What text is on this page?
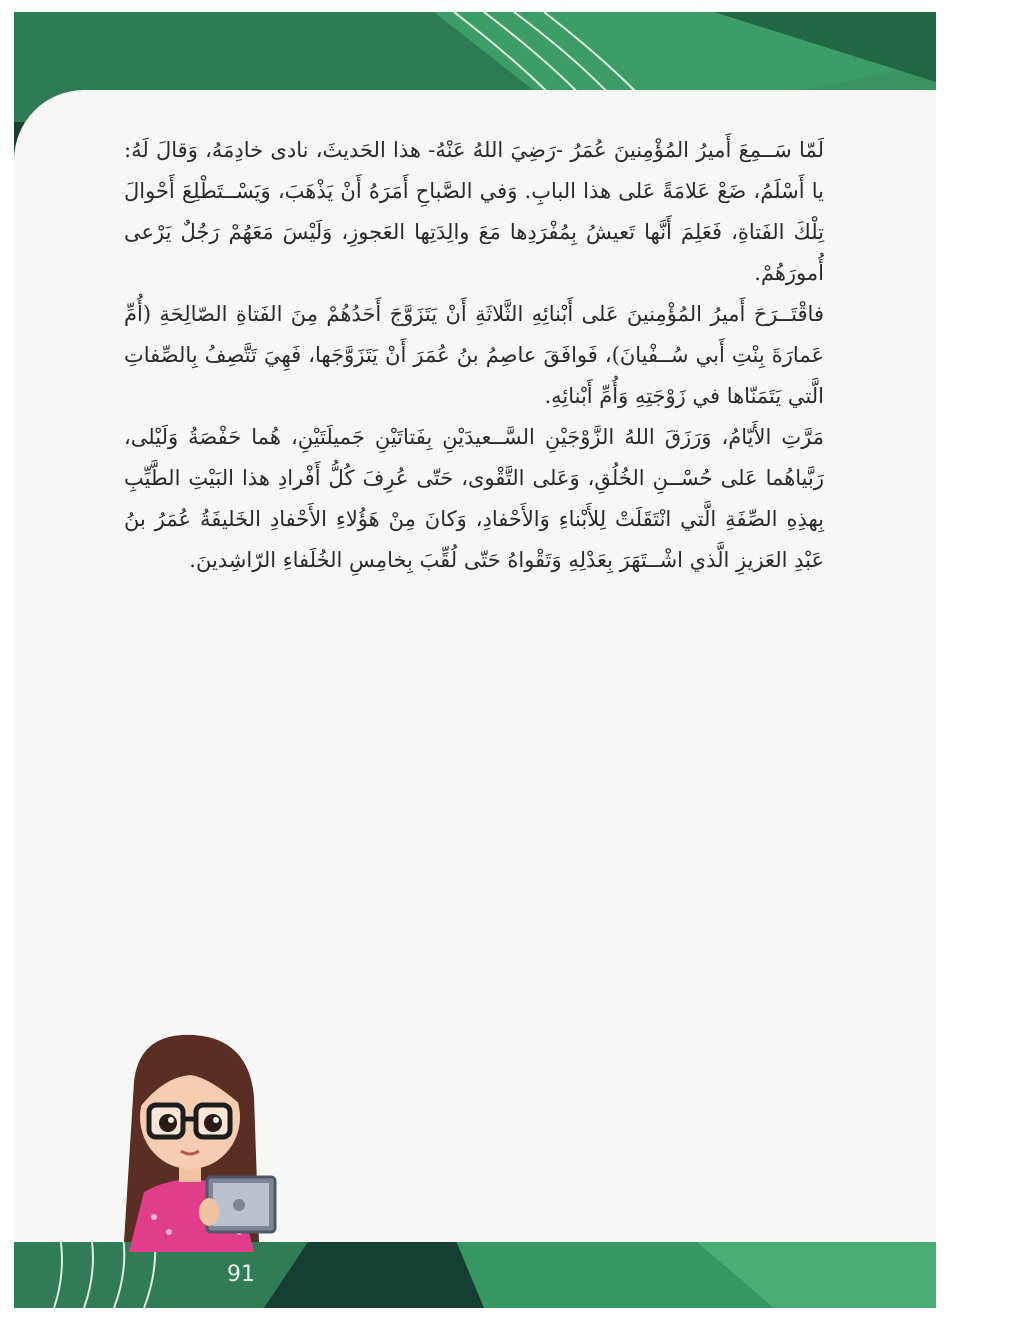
لَمّا سَــمِعَ أَميرُ المُؤْمِنينَ عُمَرُ -رَضِيَ اللهُ عَنْهُ- هذا الحَديثَ، نادى خادِمَهُ، وَقالَ لَهُ: يا أَسْلَمُ، ضَعْ عَلامَةً عَلى هذا البابِ. وَفي الصَّباحِ أَمَرَهُ أَنْ يَذْهَبَ، وَيَسْــتَطْلِعَ أَحْوالَ تِلْكَ الفَتاةِ، فَعَلِمَ أَنَّها تَعيشُ بِمُفْرَدِها مَعَ والِدَتِها العَجوزِ، وَلَيْسَ مَعَهُمْ رَجُلٌ يَرْعى أُمورَهُمْ.

فاقْتَــرَحَ أَميرُ المُؤْمِنينَ عَلى أَبْنائِهِ الثَّلاثَةِ أَنْ يَتَزَوَّجَ أَحَدُهُمْ مِنَ الفَتاةِ الصّالِحَةِ (أُمِّ عَمارَةَ بِنْتِ أَبي سُــفْيانَ)، فَوافَقَ عاصِمُ بنُ عُمَرَ أَنْ يَتَزَوَّجَها، فَهِيَ تَتَّصِفُ بِالصِّفاتِ الَّتي يَتَمَنّاها في زَوْجَتِهِ وَأُمِّ أَبْنائِهِ.

مَرَّتِ الأَيّامُ، وَرَزَقَ اللهُ الزَّوْجَيْنِ السَّــعيدَيْنِ بِفَتاتَيْنِ جَميلَتَيْنِ، هُما حَفْصَةُ وَلَيْلى، رَبَّياهُما عَلى حُسْــنِ الخُلُقِ، وَعَلى التَّقْوى، حَتّى عُرِفَ كُلُّ أَفْرادِ هذا البَيْتِ الطَّيِّبِ بِهذِهِ الصِّفَةِ الَّتي انْتَقَلَتْ لِلأَبْناءِ وَالأَحْفادِ، وَكانَ مِنْ هَؤُلاءِ الأَحْفادِ الخَليفَةُ عُمَرُ بنُ عَبْدِ العَزيزِ الَّذي اشْــتَهَرَ بِعَدْلِهِ وَتَقْواهُ حَتّى لُقِّبَ بِخامِسِ الخُلَفاءِ الرّاشِدينَ.

91
